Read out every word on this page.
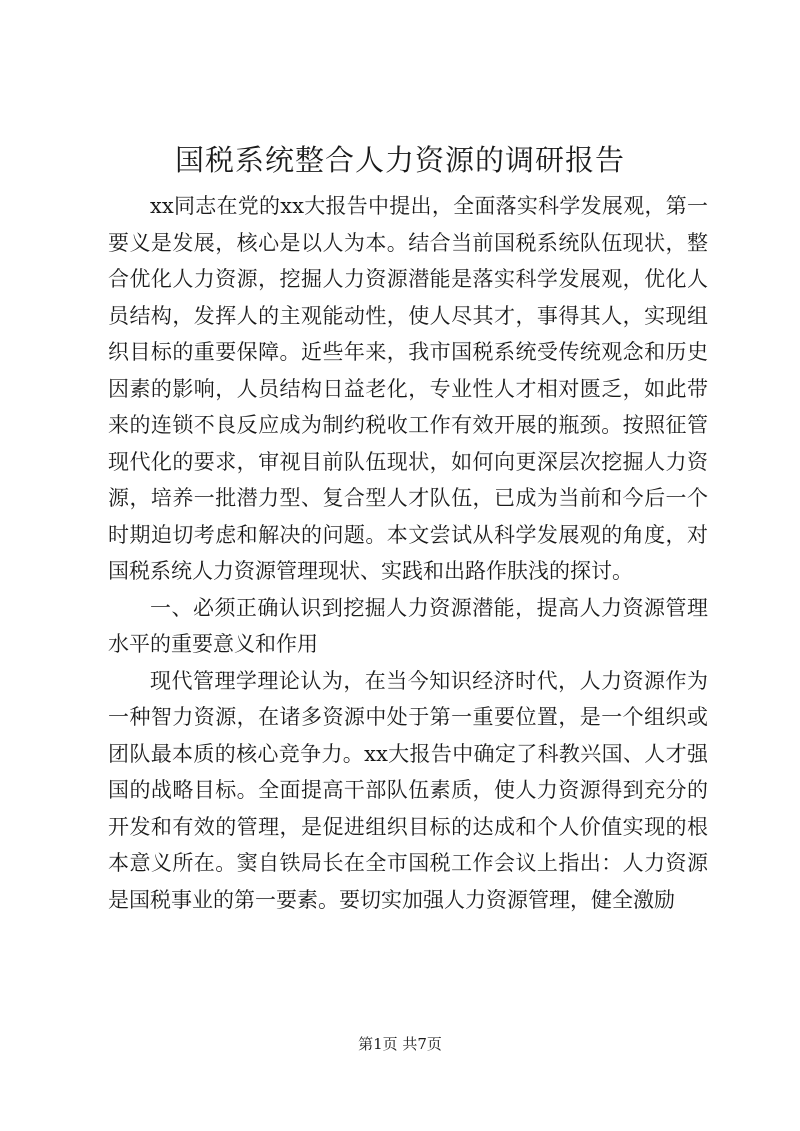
国税系统整合人力资源的调研报告

xx同志在党的xx大报告中提出，全面落实科学发展观，第一要义是发展，核心是以人为本。结合当前国税系统队伍现状，整合优化人力资源，挖掘人力资源潜能是落实科学发展观，优化人员结构，发挥人的主观能动性，使人尽其才，事得其人，实现组织目标的重要保障。近些年来，我市国税系统受传统观念和历史因素的影响，人员结构日益老化，专业性人才相对匮乏，如此带来的连锁不良反应成为制约税收工作有效开展的瓶颈。按照征管现代化的要求，审视目前队伍现状，如何向更深层次挖掘人力资源，培养一批潜力型、复合型人才队伍，已成为当前和今后一个时期迫切考虑和解决的问题。本文尝试从科学发展观的角度，对国税系统人力资源管理现状、实践和出路作肤浅的探讨。

一、必须正确认识到挖掘人力资源潜能，提高人力资源管理水平的重要意义和作用

现代管理学理论认为，在当今知识经济时代，人力资源作为一种智力资源，在诸多资源中处于第一重要位置，是一个组织或团队最本质的核心竞争力。xx大报告中确定了科教兴国、人才强国的战略目标。全面提高干部队伍素质，使人力资源得到充分的开发和有效的管理，是促进组织目标的达成和个人价值实现的根本意义所在。窦自铁局长在全市国税工作会议上指出：人力资源是国税事业的第一要素。要切实加强人力资源管理，健全激励

第1页 共7页
